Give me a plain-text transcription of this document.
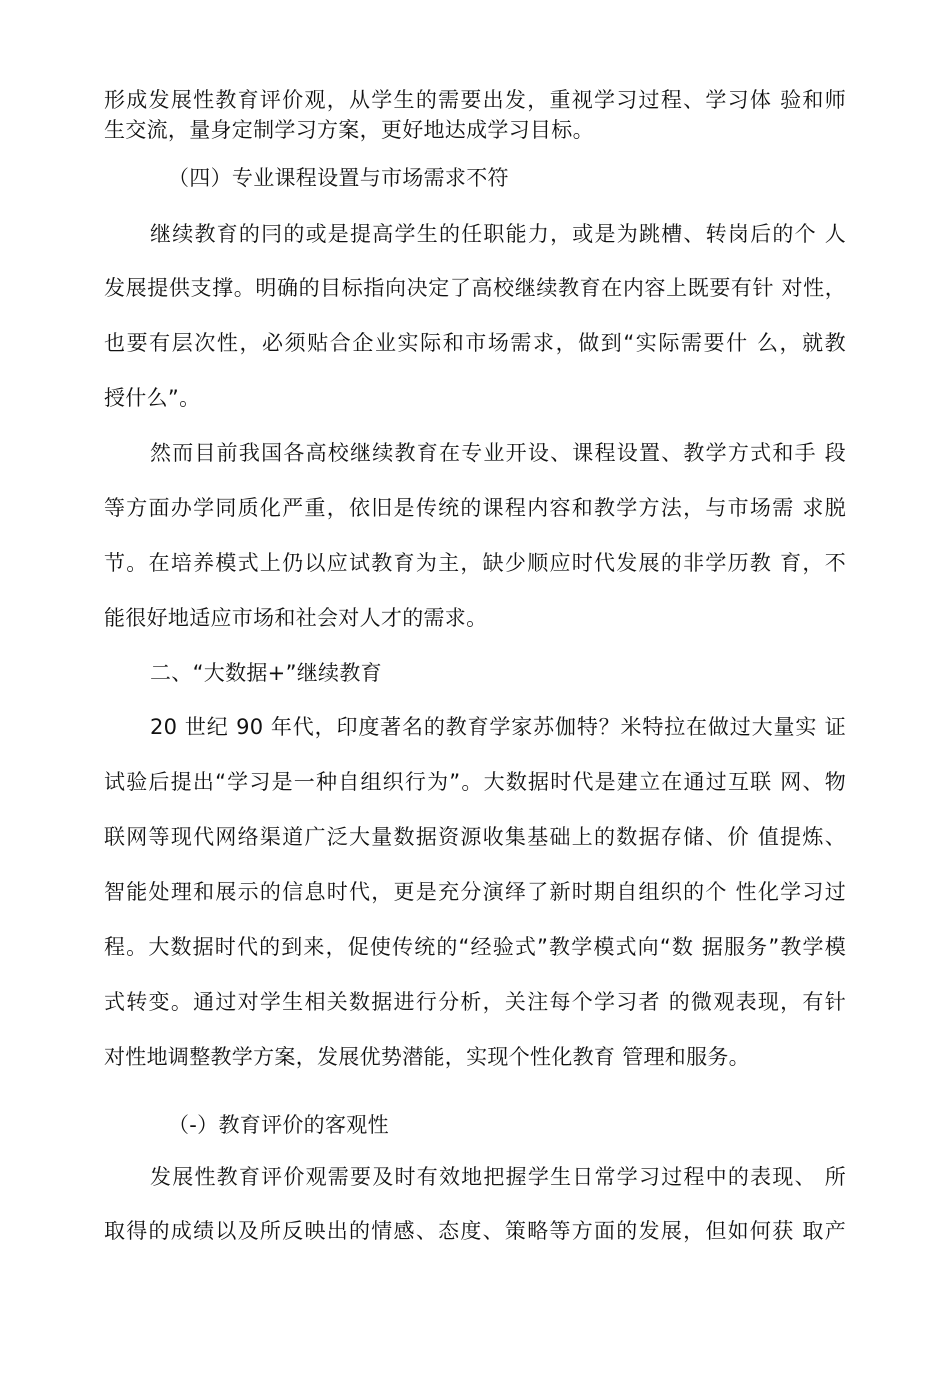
形成发展性教育评价观，从学生的需要出发，重视学习过程、学习体 验和师
生交流，量身定制学习方案，更好地达成学习目标。
（四）专业课程设置与市场需求不符
继续教育的冃的或是提高学生的任职能力，或是为跳槽、转岗后的个 人
发展提供支撑。明确的目标指向决定了高校继续教育在内容上既要有针 对性，
也要有层次性，必须贴合企业实际和市场需求，做到“实际需要什 么，就教
授什么”。
然而目前我国各高校继续教育在专业开设、课程设置、教学方式和手 段
等方面办学同质化严重，依旧是传统的课程内容和教学方法，与市场需 求脱
节。在培养模式上仍以应试教育为主，缺少顺应时代发展的非学历教 育，不
能很好地适应市场和社会对人才的需求。
二、“大数据+”继续教育
20 世纪 90 年代，印度著名的教育学家苏伽特？米特拉在做过大量实 证
试验后提出“学习是一种自组织行为”。大数据时代是建立在通过互联 网、物
联网等现代网络渠道广泛大量数据资源收集基础上的数据存储、价 值提炼、
智能处理和展示的信息时代，更是充分演绎了新时期自组织的个 性化学习过
程。大数据时代的到来，促使传统的“经验式”教学模式向“数 据服务”教学模
式转变。通过对学生相关数据进行分析，关注每个学习者 的微观表现，有针
对性地调整教学方案，发展优势潜能，实现个性化教育 管理和服务。
（-）教育评价的客观性
发展性教育评价观需要及时有效地把握学生日常学习过程中的表现、 所
取得的成绩以及所反映出的情感、态度、策略等方面的发展，但如何获 取产
